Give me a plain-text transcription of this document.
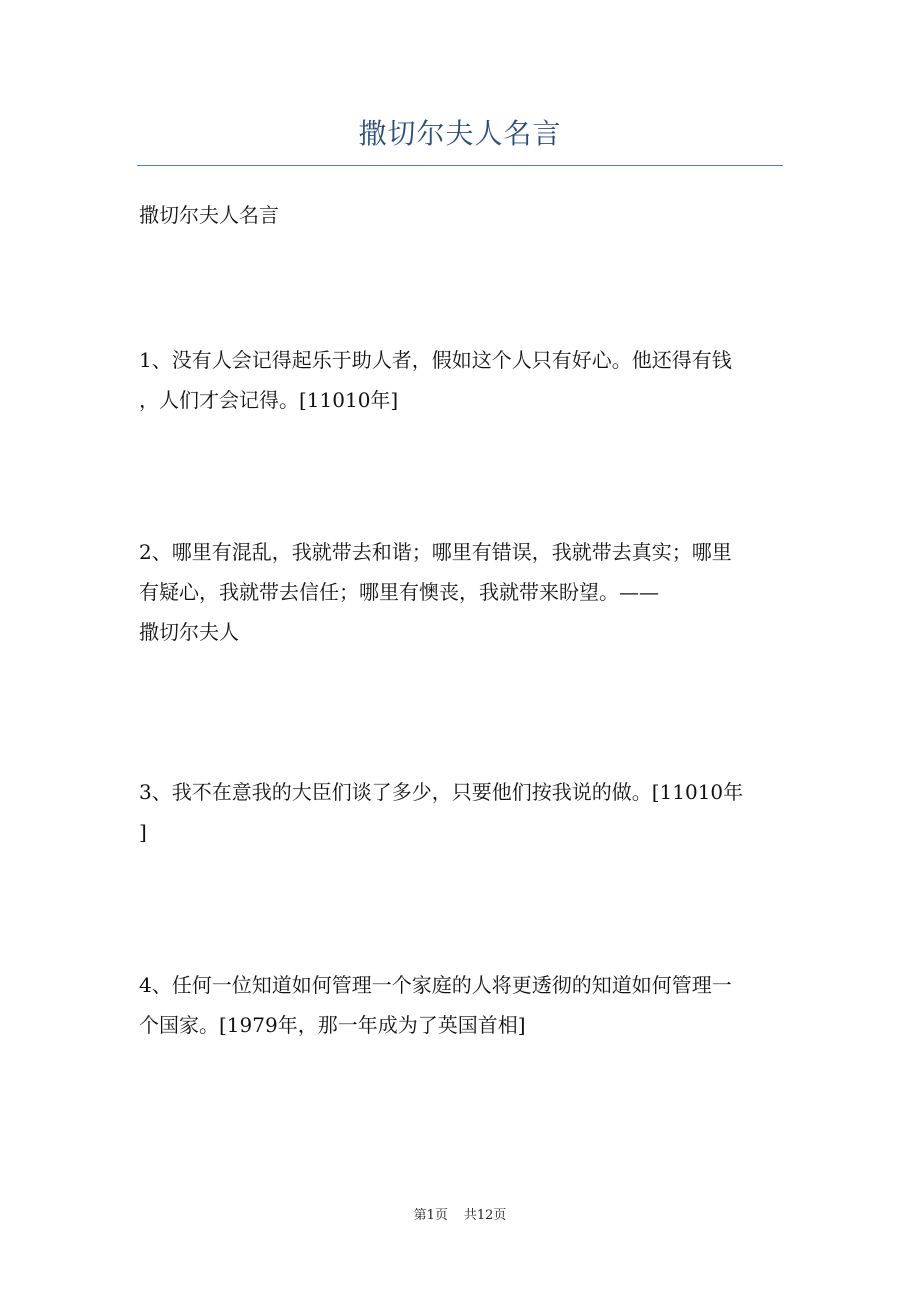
撒切尔夫人名言

撒切尔夫人名言

1、没有人会记得起乐于助人者，假如这个人只有好心。他还得有钱
，人们才会记得。[11010年]

2、哪里有混乱，我就带去和谐；哪里有错误，我就带去真实；哪里
有疑心，我就带去信任；哪里有懊丧，我就带来盼望。——
撒切尔夫人

3、我不在意我的大臣们谈了多少，只要他们按我说的做。[11010年
]

4、任何一位知道如何管理一个家庭的人将更透彻的知道如何管理一
个国家。[1979年，那一年成为了英国首相]

第1页 共12页
